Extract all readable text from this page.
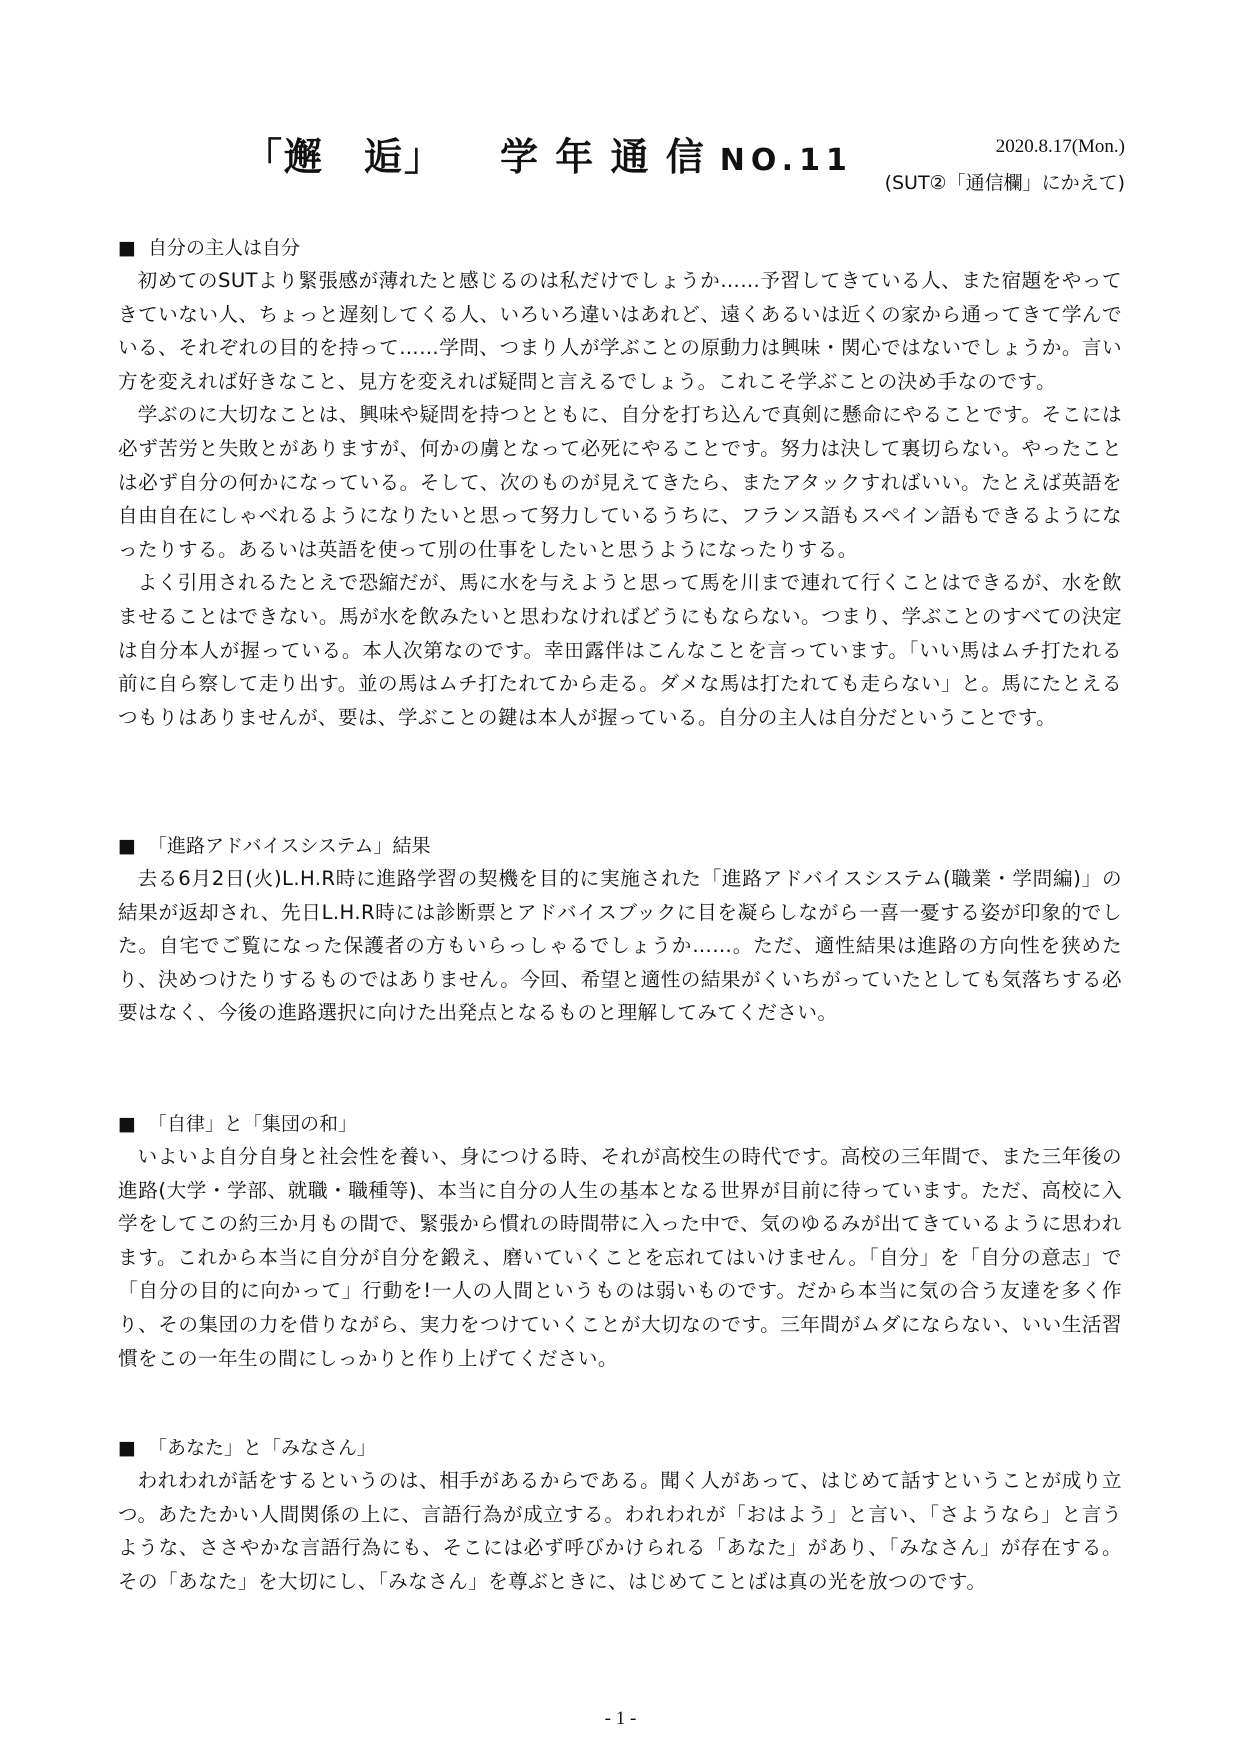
「邂 逅」 学 年 通 信 NO.11	2020.8.17(Mon.)
(SUT②「通信欄」にかえて)
■ 自分の主人は自分

初めてのSUTより緊張感が薄れたと感じるのは私だけでしょうか……予習してきている人、また宿題をやってきていない人、ちょっと遅刻してくる人、いろいろ違いはあれど、遠くあるいは近くの家から通ってきて学んでいる、それぞれの目的を持って……学問、つまり人が学ぶことの原動力は興味・関心ではないでしょうか。言い方を変えれば好きなこと、見方を変えれば疑問と言えるでしょう。これこそ学ぶことの決め手なのです。

学ぶのに大切なことは、興味や疑問を持つとともに、自分を打ち込んで真剣に懸命にやることです。そこには必ず苦労と失敗とがありますが、何かの虜となって必死にやることです。努力は決して裏切らない。やったことは必ず自分の何かになっている。そして、次のものが見えてきたら、またアタックすればいい。たとえば英語を自由自在にしゃべれるようになりたいと思って努力しているうちに、フランス語もスペイン語もできるようになったりする。あるいは英語を使って別の仕事をしたいと思うようになったりする。

よく引用されるたとえで恐縮だが、馬に水を与えようと思って馬を川まで連れて行くことはできるが、水を飲ませることはできない。馬が水を飲みたいと思わなければどうにもならない。つまり、学ぶことのすべての決定は自分本人が握っている。本人次第なのです。幸田露伴はこんなことを言っています。「いい馬はムチ打たれる前に自ら察して走り出す。並の馬はムチ打たれてから走る。ダメな馬は打たれても走らない」と。馬にたとえるつもりはありませんが、要は、学ぶことの鍵は本人が握っている。自分の主人は自分だということです。

■ 「進路アドバイスシステム」結果

去る6月2日(火)L.H.R時に進路学習の契機を目的に実施された「進路アドバイスシステム(職業・学問編)」の結果が返却され、先日L.H.R時には診断票とアドバイスブックに目を凝らしながら一喜一憂する姿が印象的でした。自宅でご覧になった保護者の方もいらっしゃるでしょうか……。ただ、適性結果は進路の方向性を狭めたり、決めつけたりするものではありません。今回、希望と適性の結果がくいちがっていたとしても気落ちする必要はなく、今後の進路選択に向けた出発点となるものと理解してみてください。

■ 「自律」と「集団の和」

いよいよ自分自身と社会性を養い、身につける時、それが高校生の時代です。高校の三年間で、また三年後の進路(大学・学部、就職・職種等)、本当に自分の人生の基本となる世界が目前に待っています。ただ、高校に入学をしてこの約三か月もの間で、緊張から慣れの時間帯に入った中で、気のゆるみが出てきているように思われます。これから本当に自分が自分を鍛え、磨いていくことを忘れてはいけません。「自分」を「自分の意志」で「自分の目的に向かって」行動を!一人の人間というものは弱いものです。だから本当に気の合う友達を多く作り、その集団の力を借りながら、実力をつけていくことが大切なのです。三年間がムダにならない、いい生活習慣をこの一年生の間にしっかりと作り上げてください。

■ 「あなた」と「みなさん」

われわれが話をするというのは、相手があるからである。聞く人があって、はじめて話すということが成り立つ。あたたかい人間関係の上に、言語行為が成立する。われわれが「おはよう」と言い、「さようなら」と言うような、ささやかな言語行為にも、そこには必ず呼びかけられる「あなた」があり、「みなさん」が存在する。その「あなた」を大切にし、「みなさん」を尊ぶときに、はじめてことばは真の光を放つのです。

- 1 -
